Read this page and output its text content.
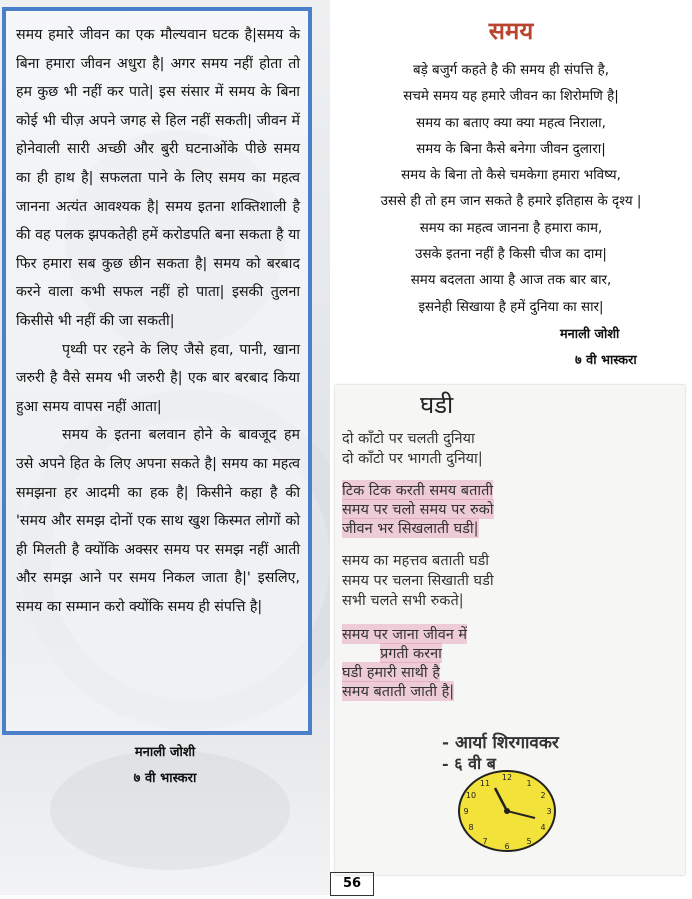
समय हमारे जीवन का एक मौल्यवान घटक है|समय के बिना हमारा जीवन अधुरा है| अगर समय नहीं होता तो हम कुछ भी नहीं कर पाते| इस संसार में समय के बिना कोई भी चीज़ अपने जगह से हिल नहीं सकती| जीवन में होनेवाली सारी अच्छी और बुरी घटनाओंके पीछे समय का ही हाथ है| सफलता पाने के लिए समय का महत्व जानना अत्यंत आवश्यक है| समय इतना शक्तिशाली है की वह पलक झपकतेही हमें करोडपति बना सकता है या फिर हमारा सब कुछ छीन सकता है| समय को बरबाद करने वाला कभी सफल नहीं हो पाता| इसकी तुलना किसीसे भी नहीं की जा सकती|

पृथ्वी पर रहने के लिए जैसे हवा, पानी, खाना जरुरी है वैसे समय भी जरुरी है| एक बार बरबाद किया हुआ समय वापस नहीं आता|

समय के इतना बलवान होने के बावजूद हम उसे अपने हित के लिए अपना सकते है| समय का महत्व समझना हर आदमी का हक है| किसीने कहा है की 'समय और समझ दोनों एक साथ खुश किस्मत लोगों को ही मिलती है क्योंकि अक्सर समय पर समझ नहीं आती और समझ आने पर समय निकल जाता है|' इसलिए, समय का सम्मान करो क्योंकि समय ही संपत्ति है|

मनाली जोशी
७ वी भास्करा
समय
बड़े बजुर्ग कहते है की समय ही संपत्ति है,
सचमे समय यह हमारे जीवन का शिरोमणि है|
समय का बताए क्या क्या महत्व निराला,
समय के बिना कैसे बनेगा जीवन दुलारा|
समय के बिना तो कैसे चमकेगा हमारा भविष्य,
उससे ही तो हम जान सकते है हमारे इतिहास के दृश्य |
समय का महत्व जानना है हमारा काम,
उसके इतना नहीं है किसी चीज का दाम|
समय बदलता आया है आज तक बार बार,
इसनेही सिखाया है हमें दुनिया का सार|
मनाली जोशी
७ वी भास्करा
घडी
दो काँटो पर चलती दुनिया
दो काँटो पर भागती दुनिया|
टिक टिक करती समय बताती
समय पर चलो समय पर रुको
जीवन भर सिखलाती घडी|
समय का महत्तव बताती घडी
समय पर चलना सिखाती घडी
सभी चलते सभी रुकते|
समय पर जाना जीवन में
प्रगती करना
घडी हमारी साथी है
समय बताती जाती है|
- आर्या शिरगावकर
- ६ वी ब
12
1
2
3
4
5
6
7
8
9
10
11
56
